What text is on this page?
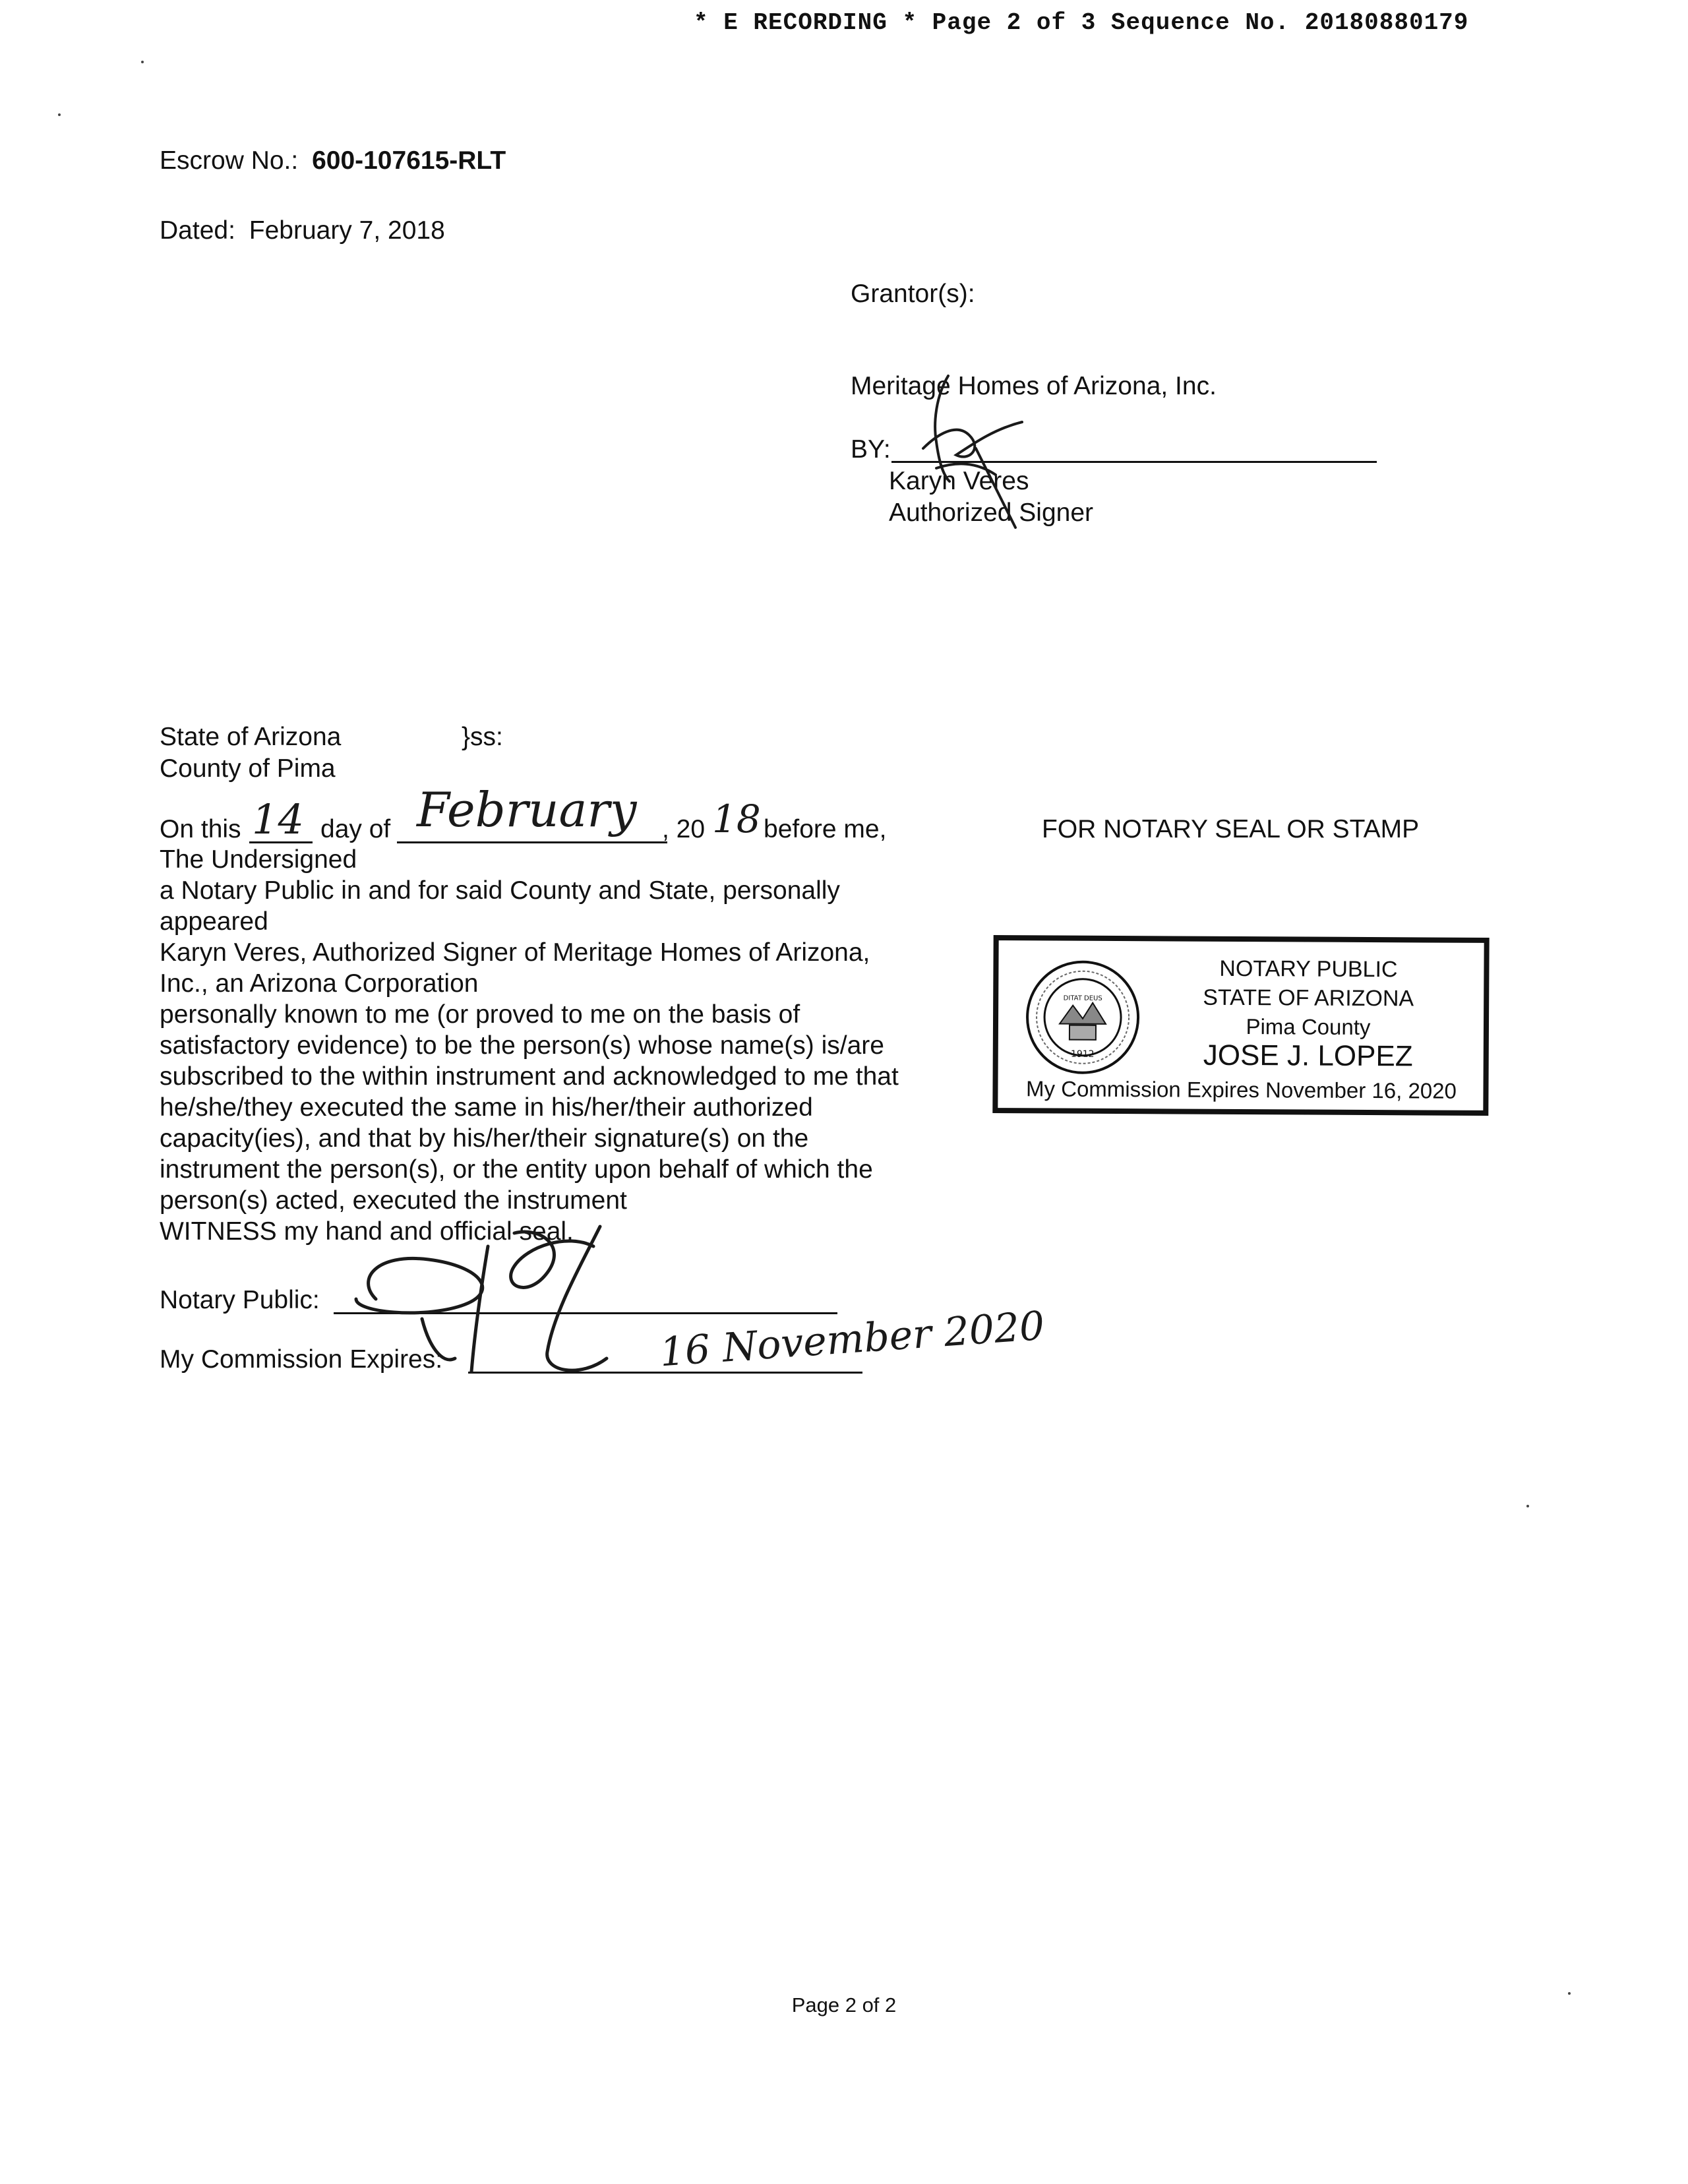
* E RECORDING * Page 2 of 3 Sequence No. 20180880179
Escrow No.: 600-107615-RLT
Dated: February 7, 2018
Grantor(s):
Meritage Homes of Arizona, Inc.
BY:
Karyn Veres
Authorized Signer
State of Arizona	}ss:
County of Pima
On this 14 day of February , 20 18 before me,
The Undersigned
a Notary Public in and for said County and State, personally
appeared
Karyn Veres, Authorized Signer of Meritage Homes of Arizona,
Inc., an Arizona Corporation
personally known to me (or proved to me on the basis of
satisfactory evidence) to be the person(s) whose name(s) is/are
subscribed to the within instrument and acknowledged to me that
he/she/they executed the same in his/her/their authorized
capacity(ies), and that by his/her/their signature(s) on the
instrument the person(s), or the entity upon behalf of which the
person(s) acted, executed the instrument
WITNESS my hand and official seal.
Notary Public:
My Commission Expires:	16 November 2020
FOR NOTARY SEAL OR STAMP
DITAT DEUS
1912
NOTARY PUBLIC
STATE OF ARIZONA
Pima County
JOSE J. LOPEZ
My Commission Expires November 16, 2020
Page 2 of 2
